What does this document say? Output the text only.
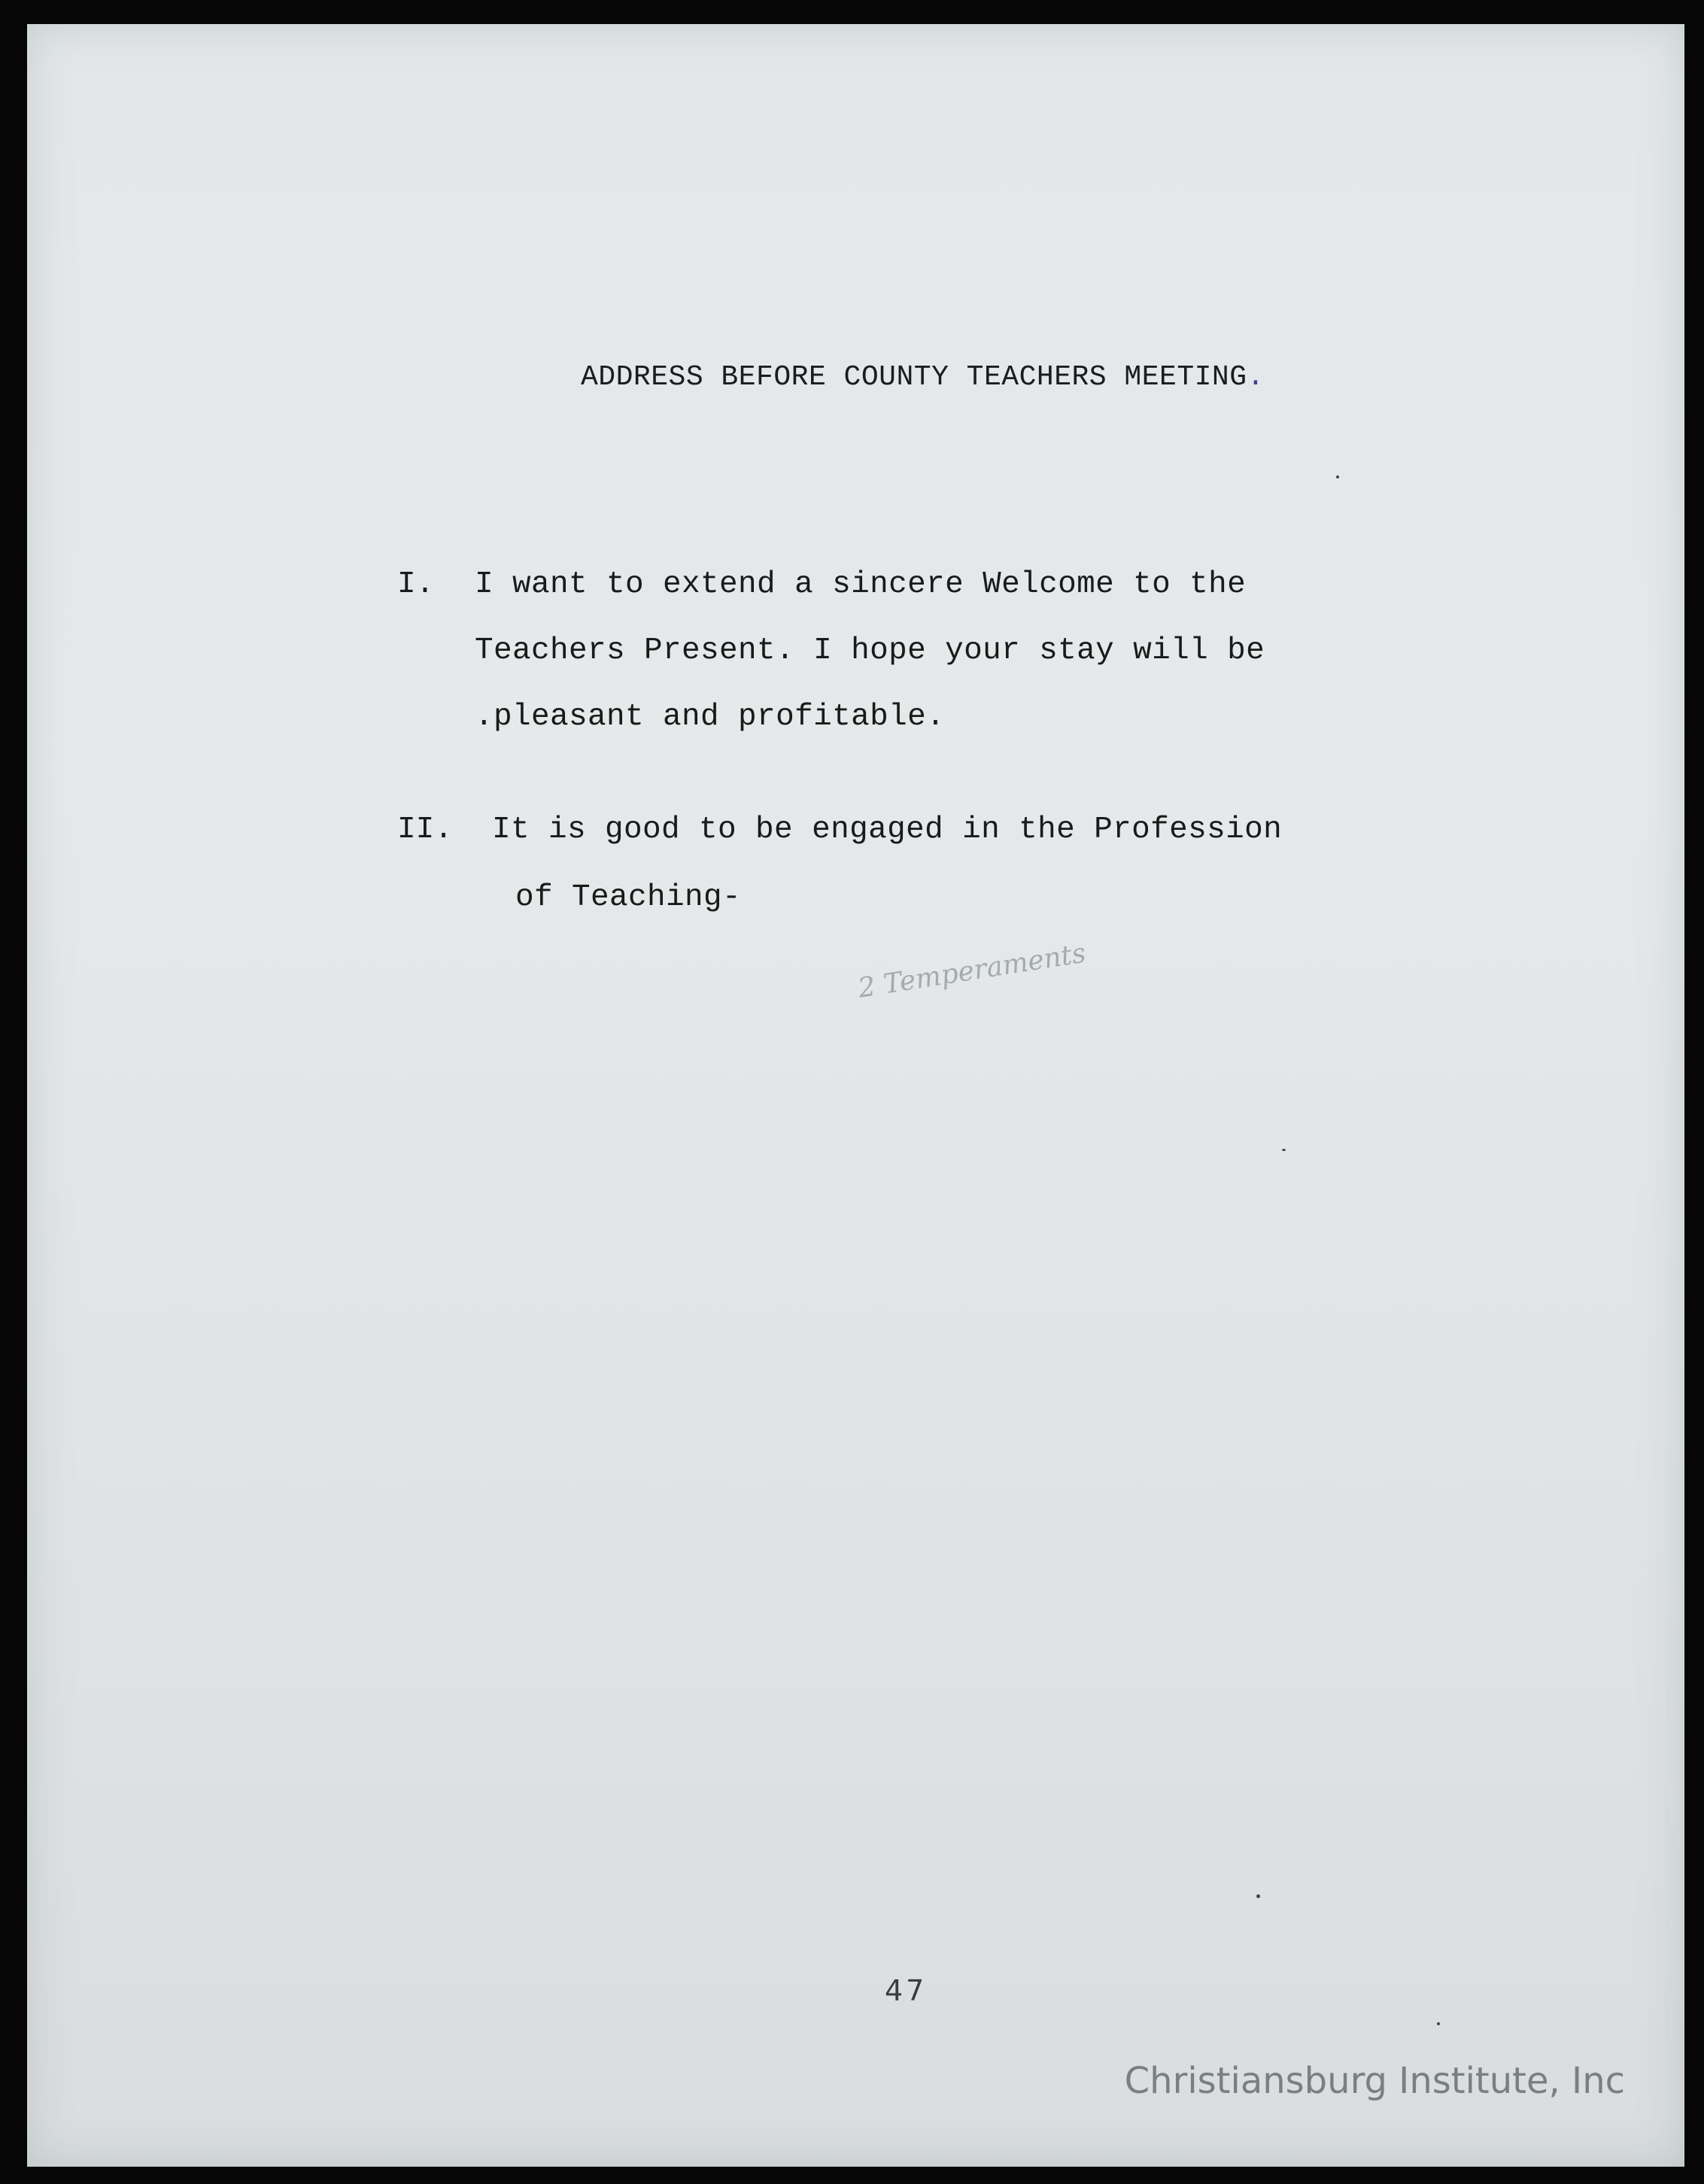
ADDRESS BEFORE COUNTY TEACHERS MEETING.
I. I want to extend a sincere Welcome to the
Teachers Present. I hope your stay will be
.pleasant and profitable.
II. It is good to be engaged in the Profession
of Teaching-
2 Temperaments
47
Christiansburg Institute, Inc
